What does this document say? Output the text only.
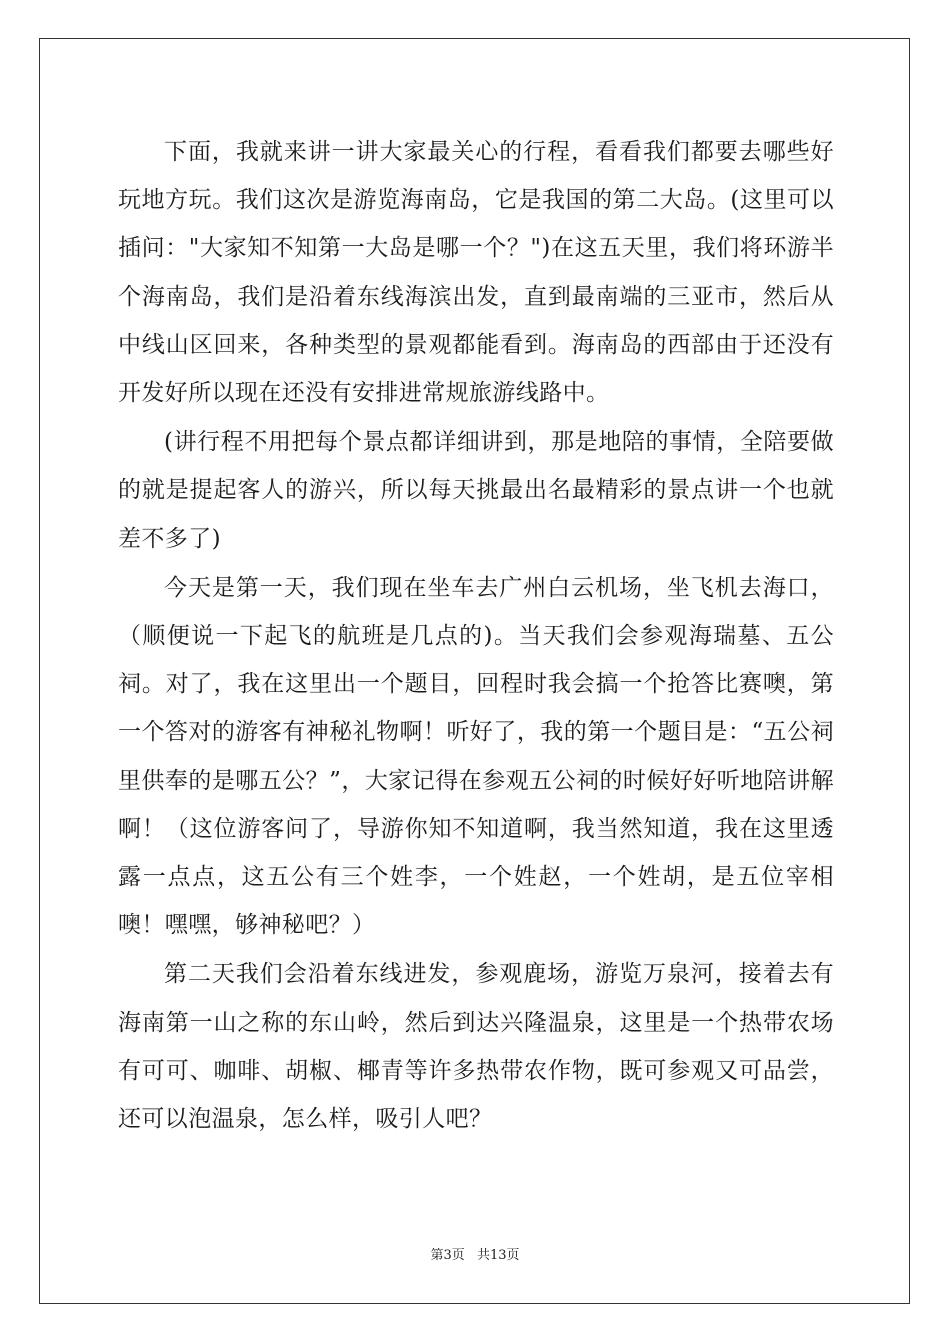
下面，我就来讲一讲大家最关心的行程，看看我们都要去哪些好玩地方玩。我们这次是游览海南岛，它是我国的第二大岛。(这里可以插问："大家知不知第一大岛是哪一个？")在这五天里，我们将环游半个海南岛，我们是沿着东线海滨出发，直到最南端的三亚市，然后从中线山区回来，各种类型的景观都能看到。海南岛的西部由于还没有开发好所以现在还没有安排进常规旅游线路中。

(讲行程不用把每个景点都详细讲到，那是地陪的事情，全陪要做的就是提起客人的游兴，所以每天挑最出名最精彩的景点讲一个也就差不多了)

今天是第一天，我们现在坐车去广州白云机场，坐飞机去海口，（顺便说一下起飞的航班是几点的)。当天我们会参观海瑞墓、五公祠。对了，我在这里出一个题目，回程时我会搞一个抢答比赛噢，第一个答对的游客有神秘礼物啊！听好了，我的第一个题目是：“五公祠里供奉的是哪五公？”，大家记得在参观五公祠的时候好好听地陪讲解啊！（这位游客问了，导游你知不知道啊，我当然知道，我在这里透露一点点，这五公有三个姓李，一个姓赵，一个姓胡，是五位宰相噢！嘿嘿，够神秘吧？）

第二天我们会沿着东线进发，参观鹿场，游览万泉河，接着去有海南第一山之称的东山岭，然后到达兴隆温泉，这里是一个热带农场有可可、咖啡、胡椒、椰青等许多热带农作物，既可参观又可品尝，还可以泡温泉，怎么样，吸引人吧？

第3页 共13页
